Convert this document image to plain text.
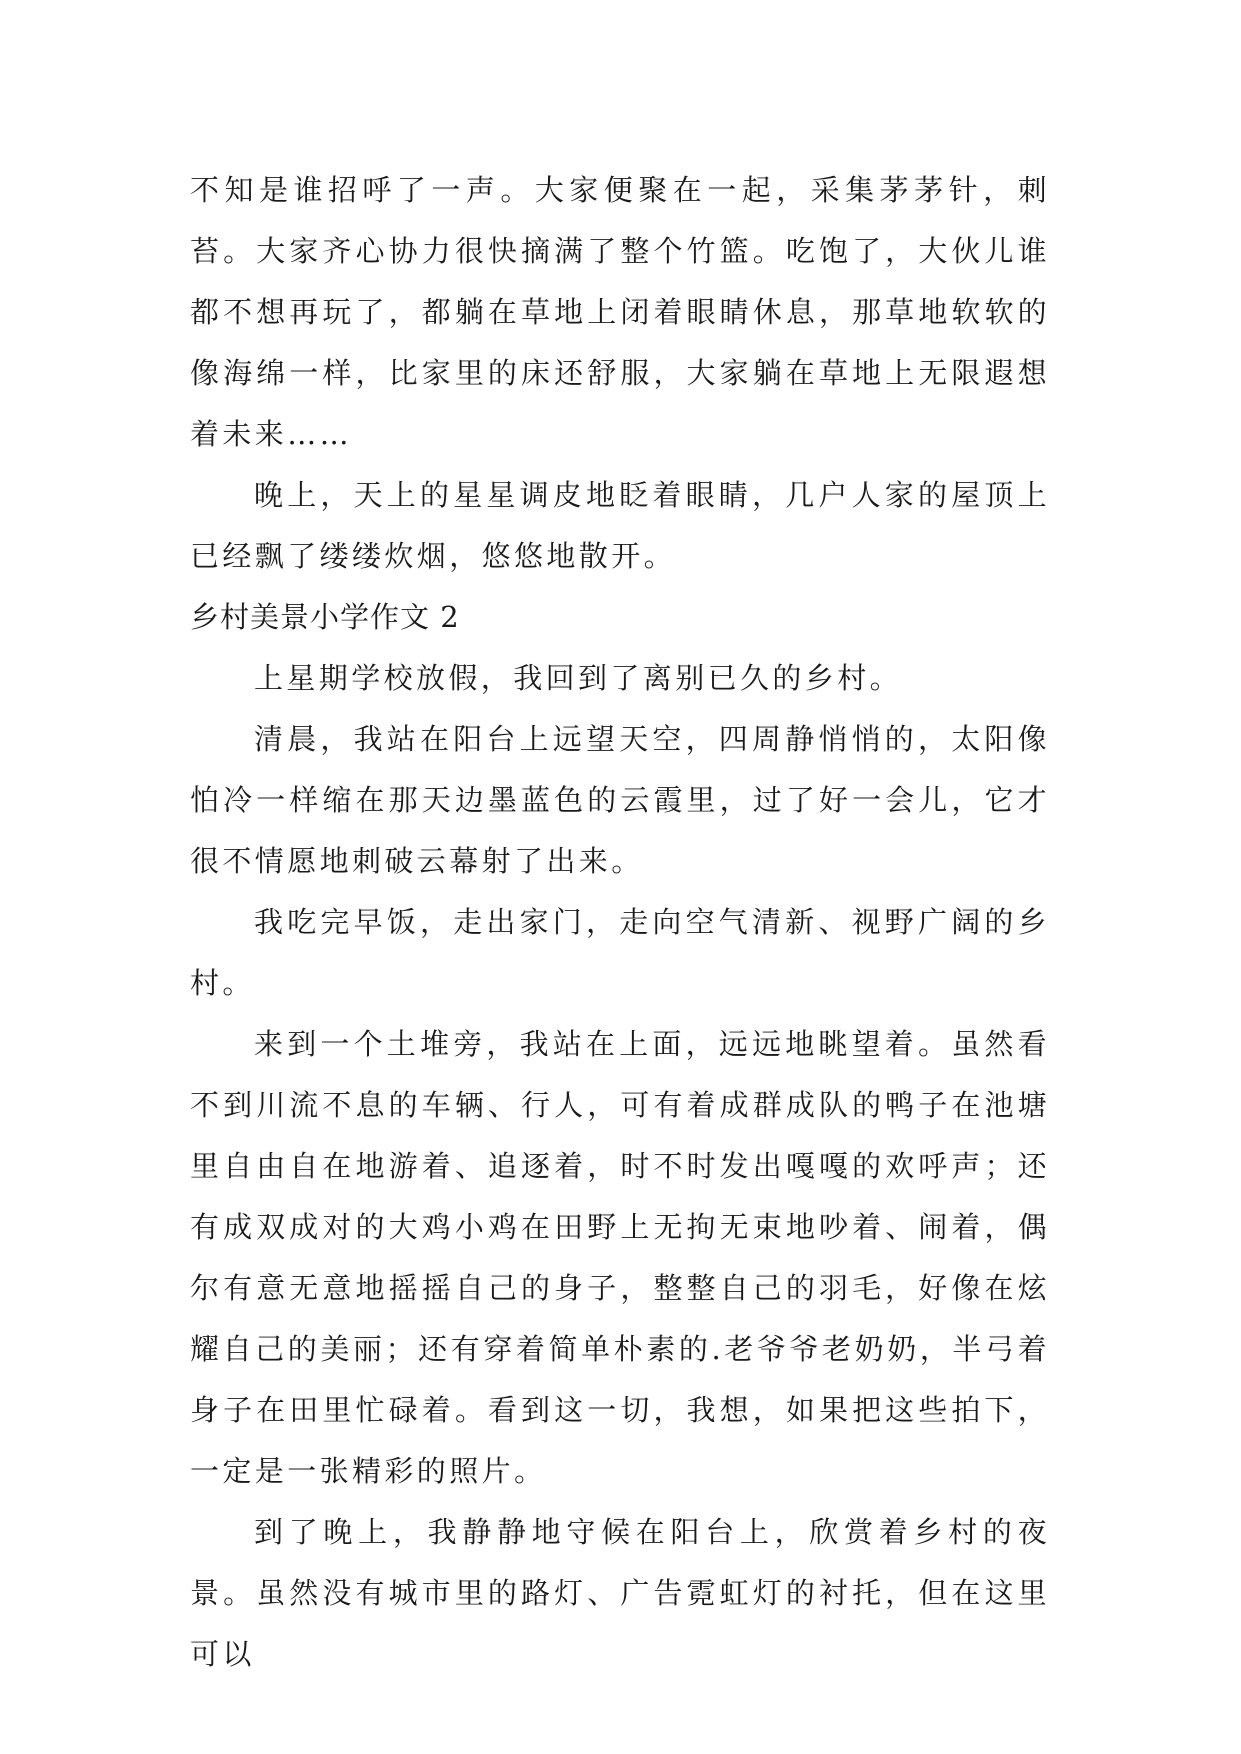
不知是谁招呼了一声。大家便聚在一起，采集茅茅针，刺苔。大家齐心协力很快摘满了整个竹篮。吃饱了，大伙儿谁都不想再玩了，都躺在草地上闭着眼睛休息，那草地软软的像海绵一样，比家里的床还舒服，大家躺在草地上无限遐想着未来……

晚上，天上的星星调皮地眨着眼睛，几户人家的屋顶上已经飘了缕缕炊烟，悠悠地散开。

乡村美景小学作文 2

上星期学校放假，我回到了离别已久的乡村。

清晨，我站在阳台上远望天空，四周静悄悄的，太阳像怕冷一样缩在那天边墨蓝色的云霞里，过了好一会儿，它才很不情愿地刺破云幕射了出来。

我吃完早饭，走出家门，走向空气清新、视野广阔的乡村。

来到一个土堆旁，我站在上面，远远地眺望着。虽然看不到川流不息的车辆、行人，可有着成群成队的鸭子在池塘里自由自在地游着、追逐着，时不时发出嘎嘎的欢呼声；还有成双成对的大鸡小鸡在田野上无拘无束地吵着、闹着，偶尔有意无意地摇摇自己的身子，整整自己的羽毛，好像在炫耀自己的美丽；还有穿着简单朴素的.老爷爷老奶奶，半弓着身子在田里忙碌着。看到这一切，我想，如果把这些拍下，一定是一张精彩的照片。

到了晚上，我静静地守候在阳台上，欣赏着乡村的夜景。虽然没有城市里的路灯、广告霓虹灯的衬托，但在这里可以
